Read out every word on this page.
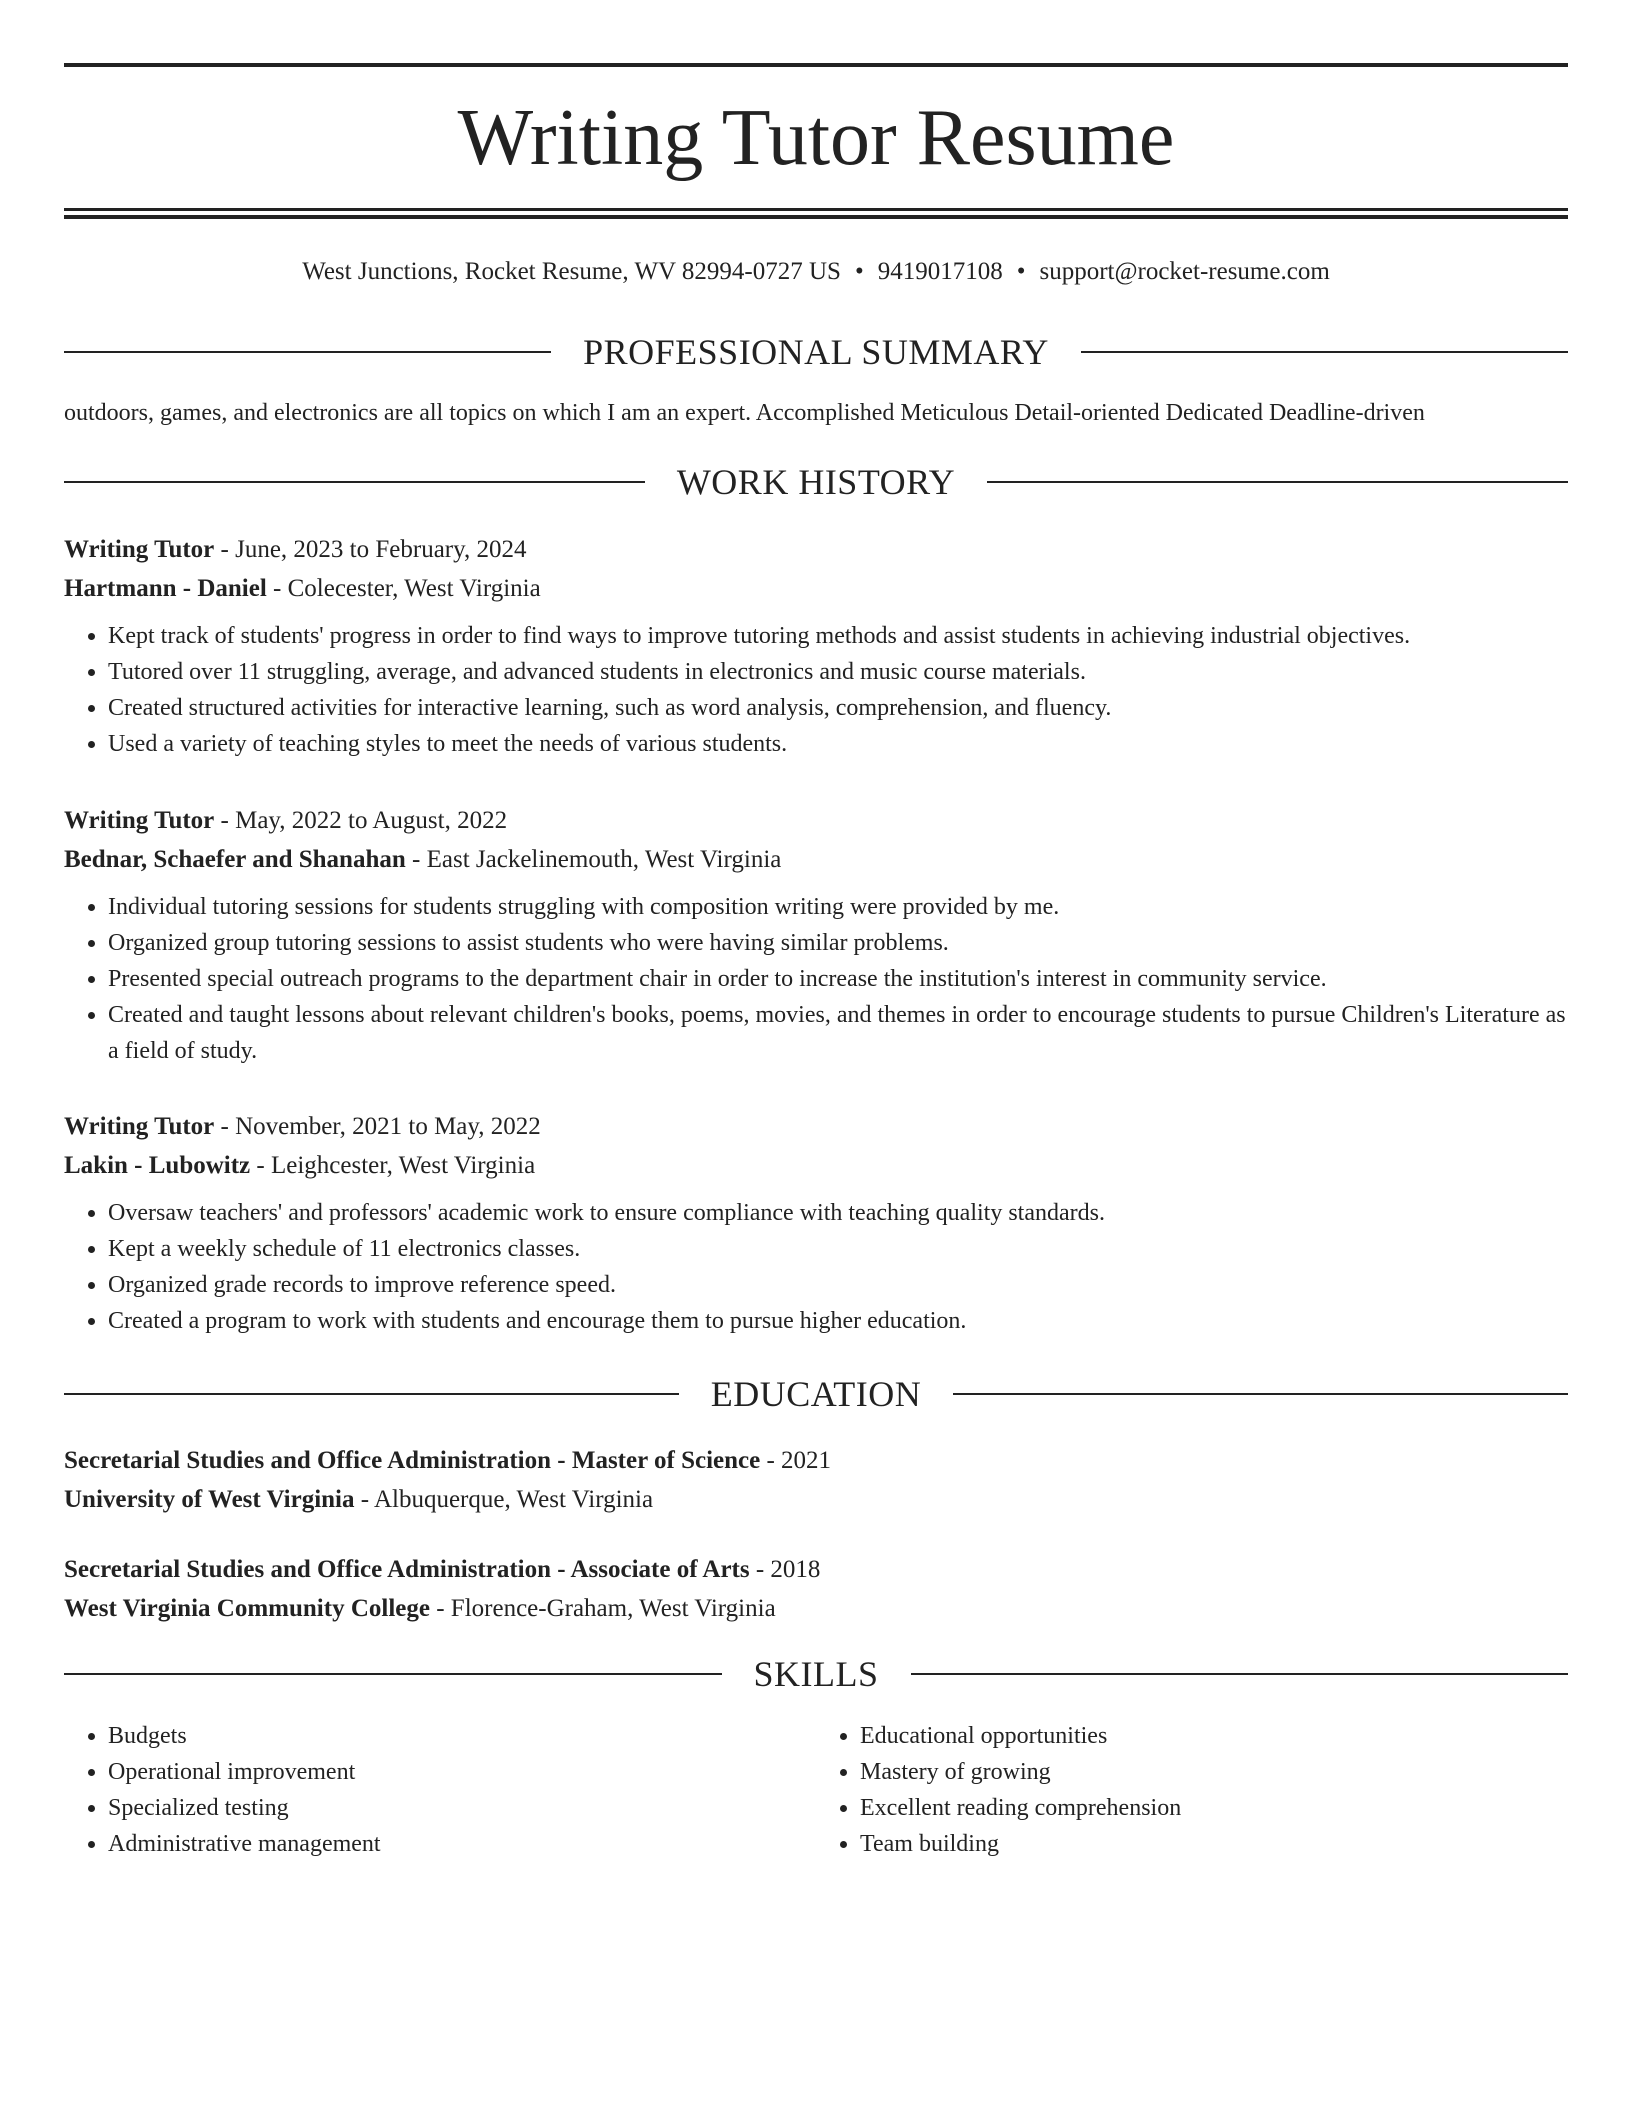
Writing Tutor Resume
West Junctions, Rocket Resume, WV 82994-0727 US • 9419017108 • support@rocket-resume.com
PROFESSIONAL SUMMARY
outdoors, games, and electronics are all topics on which I am an expert. Accomplished Meticulous Detail-oriented Dedicated Deadline-driven
WORK HISTORY
Writing Tutor - June, 2023 to February, 2024
Hartmann - Daniel - Colecester, West Virginia
• Kept track of students' progress in order to find ways to improve tutoring methods and assist students in achieving industrial objectives.
• Tutored over 11 struggling, average, and advanced students in electronics and music course materials.
• Created structured activities for interactive learning, such as word analysis, comprehension, and fluency.
• Used a variety of teaching styles to meet the needs of various students.
Writing Tutor - May, 2022 to August, 2022
Bednar, Schaefer and Shanahan - East Jackelinemouth, West Virginia
• Individual tutoring sessions for students struggling with composition writing were provided by me.
• Organized group tutoring sessions to assist students who were having similar problems.
• Presented special outreach programs to the department chair in order to increase the institution's interest in community service.
• Created and taught lessons about relevant children's books, poems, movies, and themes in order to encourage students to pursue Children's Literature as a field of study.
Writing Tutor - November, 2021 to May, 2022
Lakin - Lubowitz - Leighcester, West Virginia
• Oversaw teachers' and professors' academic work to ensure compliance with teaching quality standards.
• Kept a weekly schedule of 11 electronics classes.
• Organized grade records to improve reference speed.
• Created a program to work with students and encourage them to pursue higher education.
EDUCATION
Secretarial Studies and Office Administration - Master of Science - 2021
University of West Virginia - Albuquerque, West Virginia
Secretarial Studies and Office Administration - Associate of Arts - 2018
West Virginia Community College - Florence-Graham, West Virginia
SKILLS
• Budgets
• Operational improvement
• Specialized testing
• Administrative management
• Educational opportunities
• Mastery of growing
• Excellent reading comprehension
• Team building
